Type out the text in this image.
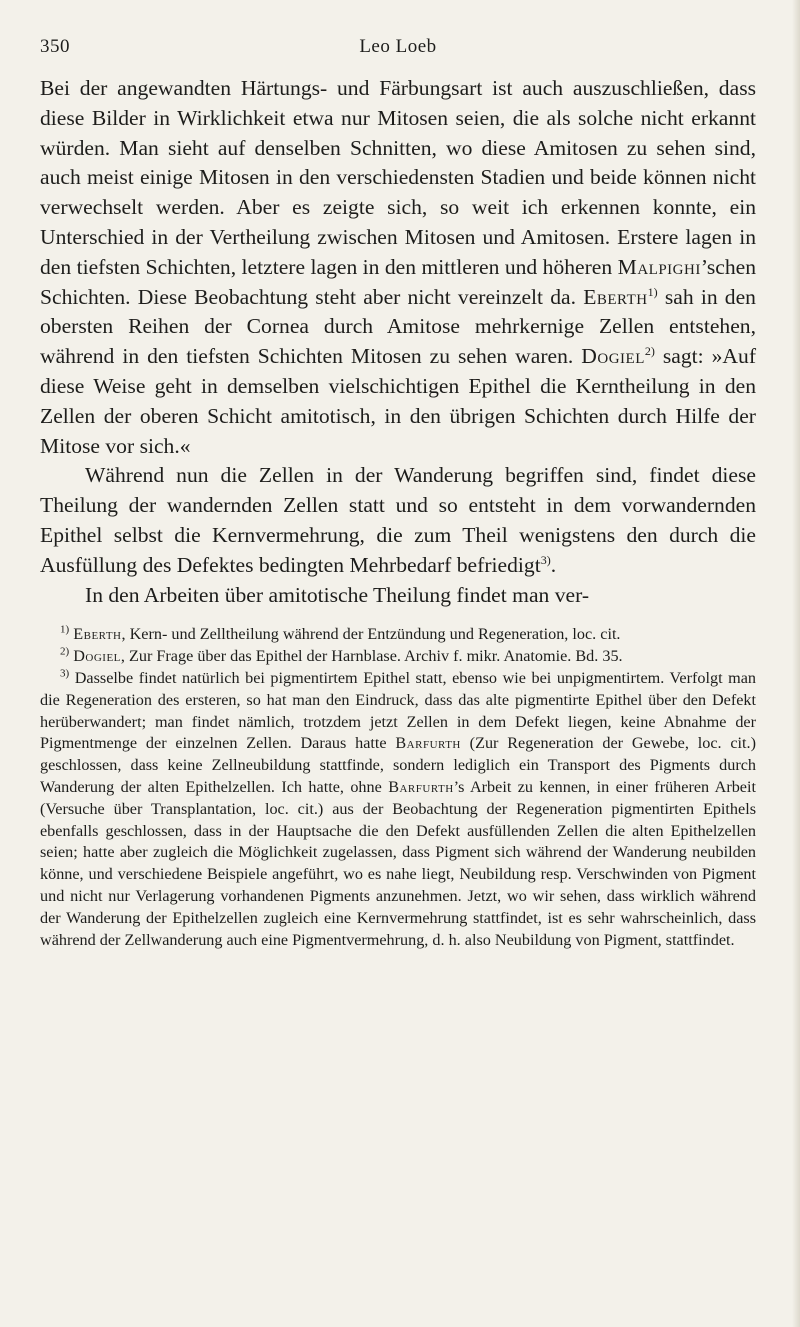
350	Leo Loeb

Bei der angewandten Härtungs- und Färbungsart ist auch auszuschließen, dass diese Bilder in Wirklichkeit etwa nur Mitosen seien, die als solche nicht erkannt würden. Man sieht auf denselben Schnitten, wo diese Amitosen zu sehen sind, auch meist einige Mitosen in den verschiedensten Stadien und beide können nicht verwechselt werden. Aber es zeigte sich, so weit ich erkennen konnte, ein Unterschied in der Vertheilung zwischen Mitosen und Amitosen. Erstere lagen in den tiefsten Schichten, letztere lagen in den mittleren und höheren Malpighi’schen Schichten. Diese Beobachtung steht aber nicht vereinzelt da. Eberth$^{1)}$ sah in den obersten Reihen der Cornea durch Amitose mehrkernige Zellen entstehen, während in den tiefsten Schichten Mitosen zu sehen waren. Dogiel$^{2)}$ sagt: »Auf diese Weise geht in demselben vielschichtigen Epithel die Kerntheilung in den Zellen der oberen Schicht amitotisch, in den übrigen Schichten durch Hilfe der Mitose vor sich.«

Während nun die Zellen in der Wanderung begriffen sind, findet diese Theilung der wandernden Zellen statt und so entsteht in dem vorwandernden Epithel selbst die Kernvermehrung, die zum Theil wenigstens den durch die Ausfüllung des Defektes bedingten Mehrbedarf befriedigt$^{3)}$.

In den Arbeiten über amitotische Theilung findet man ver-

$^{1)}$ Eberth, Kern- und Zelltheilung während der Entzündung und Regeneration, loc. cit.

$^{2)}$ Dogiel, Zur Frage über das Epithel der Harnblase. Archiv f. mikr. Anatomie. Bd. 35.

$^{3)}$ Dasselbe findet natürlich bei pigmentirtem Epithel statt, ebenso wie bei unpigmentirtem. Verfolgt man die Regeneration des ersteren, so hat man den Eindruck, dass das alte pigmentirte Epithel über den Defekt herüberwandert; man findet nämlich, trotzdem jetzt Zellen in dem Defekt liegen, keine Abnahme der Pigmentmenge der einzelnen Zellen. Daraus hatte Barfurth (Zur Regeneration der Gewebe, loc. cit.) geschlossen, dass keine Zellneubildung stattfinde, sondern lediglich ein Transport des Pigments durch Wanderung der alten Epithelzellen. Ich hatte, ohne Barfurth’s Arbeit zu kennen, in einer früheren Arbeit (Versuche über Transplantation, loc. cit.) aus der Beobachtung der Regeneration pigmentirten Epithels ebenfalls geschlossen, dass in der Hauptsache die den Defekt ausfüllenden Zellen die alten Epithelzellen seien; hatte aber zugleich die Möglichkeit zugelassen, dass Pigment sich während der Wanderung neubilden könne, und verschiedene Beispiele angeführt, wo es nahe liegt, Neubildung resp. Verschwinden von Pigment und nicht nur Verlagerung vorhandenen Pigments anzunehmen. Jetzt, wo wir sehen, dass wirklich während der Wanderung der Epithelzellen zugleich eine Kernvermehrung stattfindet, ist es sehr wahrscheinlich, dass während der Zellwanderung auch eine Pigmentvermehrung, d. h. also Neubildung von Pigment, stattfindet.
